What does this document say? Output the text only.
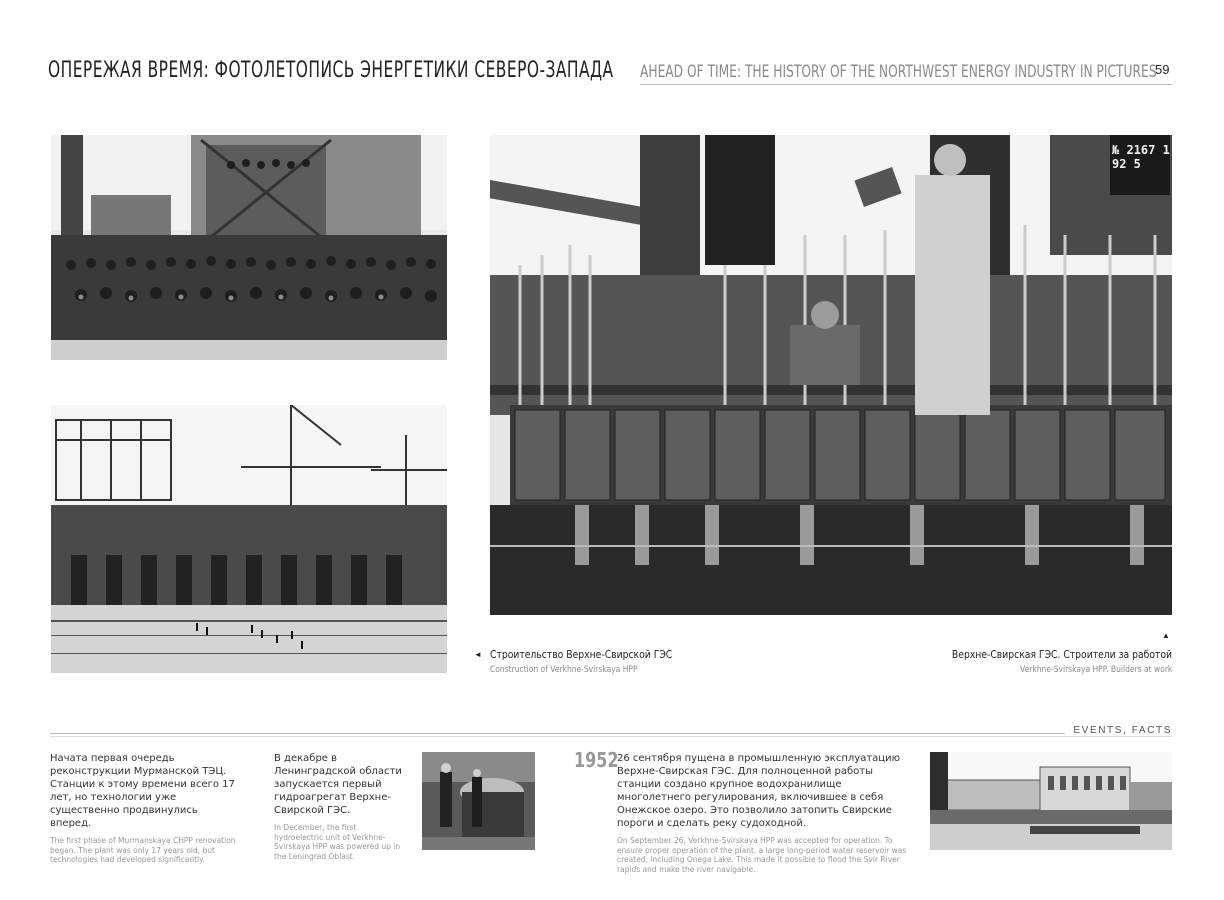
ОПЕРЕЖАЯ ВРЕМЯ: ФОТОЛЕТОПИСЬ ЭНЕРГЕТИКИ СЕВЕРО-ЗАПАДА AHEAD OF TIME: THE HISTORY OF THE NORTHWEST ENERGY INDUSTRY IN PICTURES
59
№ 2167 192 5
◄ Строительство Верхне-Свирской ГЭС
Construction of Verkhne-Svirskaya HPP
▲
Верхне-Свирская ГЭС. Строители за работой
Verkhne-Svirskaya HPP. Builders at work
EVENTS, FACTS
Начата первая очередь реконструкции Мурманской ТЭЦ. Станции к этому времени всего 17 лет, но технологии уже существенно продвинулись вперед.
The first phase of Murmanskaya CHPP renovation began. The plant was only 17 years old, but technologies had developed significantly.
В декабре в Ленинградской области запускается первый гидроагрегат Верхне-Свирской ГЭС.
In December, the first hydroelectric unit of Verkhne-Svirskaya HPP was powered up in the Leningrad Oblast.
1952
26 сентября пущена в промышленную эксплуатацию Верхне-Свирская ГЭС. Для полноценной работы станции создано крупное водохранилище многолетнего регулирования, включившее в себя Онежское озеро. Это позволило затопить Свирские пороги и сделать реку судоходной.
On September 26, Verkhne-Svirskaya HPP was accepted for operation. To ensure proper operation of the plant, a large long-period water reservoir was created, including Onega Lake. This made it possible to flood the Svir River rapids and make the river navigable.
